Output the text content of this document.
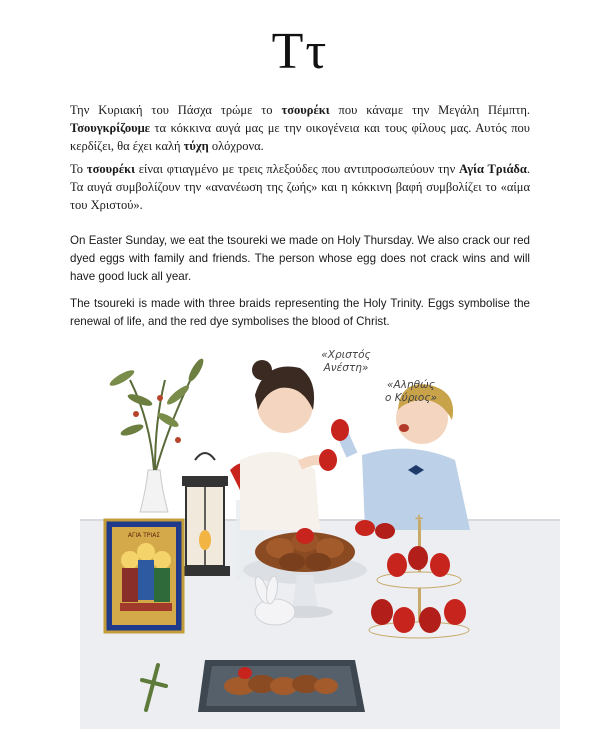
Ττ

Την Κυριακή του Πάσχα τρώμε το τσουρέκι που κάναμε την Μεγάλη Πέμπτη. Τσουγκρίζουμε τα κόκκινα αυγά μας με την οικογένεια και τους φίλους μας. Αυτός που κερδίζει, θα έχει καλή τύχη ολόχρονα.

Το τσουρέκι είναι φτιαγμένο με τρεις πλεξούδες που αντιπροσωπεύουν την Αγία Τριάδα. Τα αυγά συμβολίζουν την «ανανέωση της ζωής» και η κόκκινη βαφή συμβολίζει το «αίμα του Χριστού».

On Easter Sunday, we eat the tsoureki we made on Holy Thursday. We also crack our red dyed eggs with family and friends. The person whose egg does not crack wins and will have good luck all year.

The tsoureki is made with three braids representing the Holy Trinity. Eggs symbolise the renewal of life, and the red dye symbolises the blood of Christ.

ΑΓΙΑ ΤΡΙΑΣ
✝
«Χριστός
Ανέστη»
«Αληθώς
ο Κύριος»
